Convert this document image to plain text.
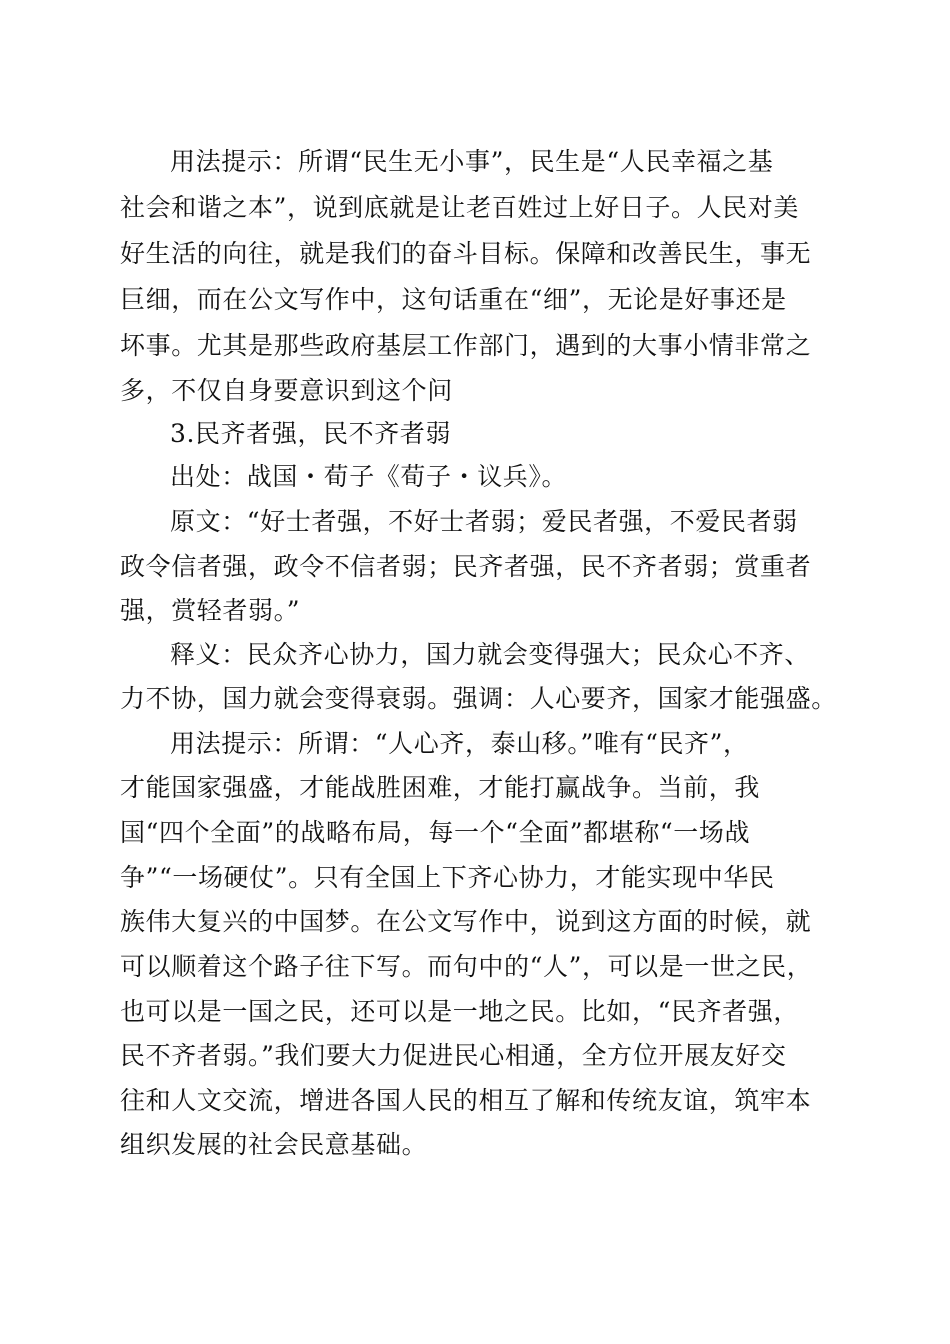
用法提示：所谓“民生无小事”，民生是“人民幸福之基
社会和谐之本”，说到底就是让老百姓过上好日子。人民对美
好生活的向往，就是我们的奋斗目标。保障和改善民生，事无
巨细，而在公文写作中，这句话重在“细”，无论是好事还是
坏事。尤其是那些政府基层工作部门，遇到的大事小情非常之
多，不仅自身要意识到这个问
3.民齐者强，民不齐者弱
出处：战国・荀子《荀子・议兵》。
原文：“好士者强，不好士者弱；爱民者强，不爱民者弱
政令信者强，政令不信者弱；民齐者强，民不齐者弱；赏重者
强，赏轻者弱。”
释义：民众齐心协力，国力就会变得强大；民众心不齐、
力不协，国力就会变得衰弱。强调：人心要齐，国家才能强盛。
用法提示：所谓：“人心齐，泰山移。”唯有“民齐”，
才能国家强盛，才能战胜困难，才能打赢战争。当前，我
国“四个全面”的战略布局，每一个“全面”都堪称“一场战
争”“一场硬仗”。只有全国上下齐心协力，才能实现中华民
族伟大复兴的中国梦。在公文写作中，说到这方面的时候，就
可以顺着这个路子往下写。而句中的“人”，可以是一世之民，
也可以是一国之民，还可以是一地之民。比如，“民齐者强，
民不齐者弱。”我们要大力促进民心相通，全方位开展友好交
往和人文交流，增进各国人民的相互了解和传统友谊，筑牢本
组织发展的社会民意基础。
